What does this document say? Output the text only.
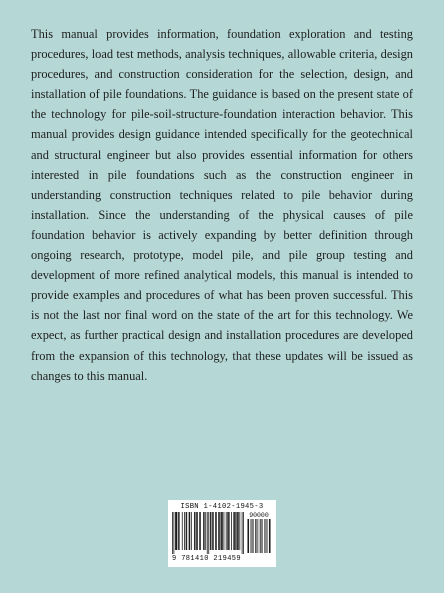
This manual provides information, foundation exploration and testing procedures, load test methods, analysis techniques, allowable criteria, design procedures, and construction consideration for the selection, design, and installation of pile foundations. The guidance is based on the present state of the technology for pile-soil-structure-foundation interaction behavior. This manual provides design guidance intended specifically for the geotechnical and structural engineer but also provides essential information for others interested in pile foundations such as the construction engineer in understanding construction techniques related to pile behavior during installation. Since the understanding of the physical causes of pile foundation behavior is actively expanding by better definition through ongoing research, prototype, model pile, and pile group testing and development of more refined analytical models, this manual is intended to provide examples and procedures of what has been proven successful. This is not the last nor final word on the state of the art for this technology. We expect, as further practical design and installation procedures are developed from the expansion of this technology, that these updates will be issued as changes to this manual.

ISBN 1-4102-1945-3
90000
9 781410 219459
